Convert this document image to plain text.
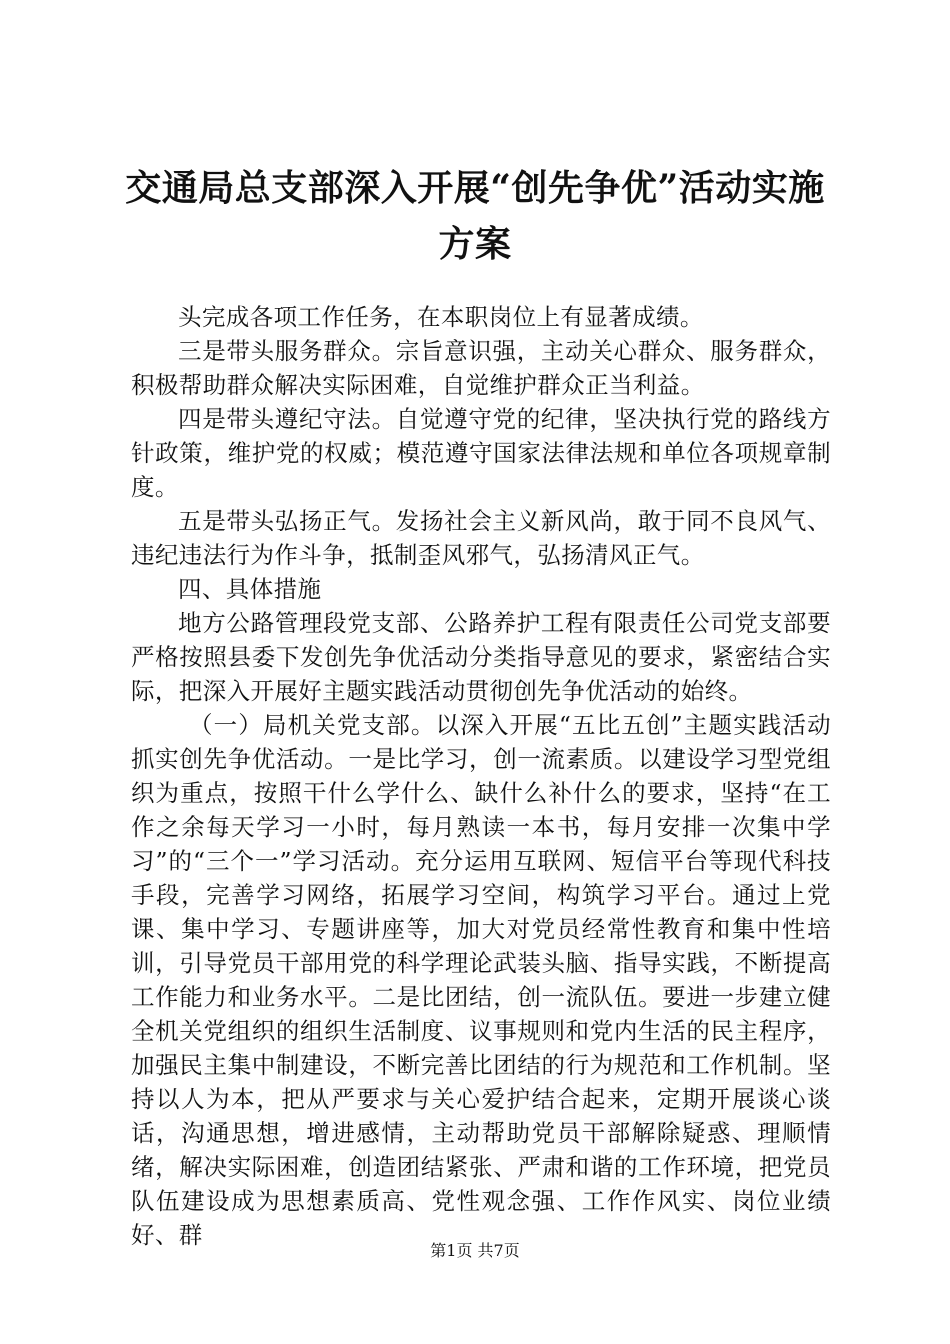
交通局总支部深入开展“创先争优”活动实施
方案

头完成各项工作任务，在本职岗位上有显著成绩。

三是带头服务群众。宗旨意识强，主动关心群众、服务群众，积极帮助群众解决实际困难，自觉维护群众正当利益。

四是带头遵纪守法。自觉遵守党的纪律，坚决执行党的路线方针政策，维护党的权威；模范遵守国家法律法规和单位各项规章制度。

五是带头弘扬正气。发扬社会主义新风尚，敢于同不良风气、违纪违法行为作斗争，抵制歪风邪气，弘扬清风正气。

四、具体措施

地方公路管理段党支部、公路养护工程有限责任公司党支部要严格按照县委下发创先争优活动分类指导意见的要求，紧密结合实际，把深入开展好主题实践活动贯彻创先争优活动的始终。

（一）局机关党支部。以深入开展“五比五创”主题实践活动抓实创先争优活动。一是比学习，创一流素质。以建设学习型党组织为重点，按照干什么学什么、缺什么补什么的要求，坚持“在工作之余每天学习一小时，每月熟读一本书，每月安排一次集中学习”的“三个一”学习活动。充分运用互联网、短信平台等现代科技手段，完善学习网络，拓展学习空间，构筑学习平台。通过上党课、集中学习、专题讲座等，加大对党员经常性教育和集中性培训，引导党员干部用党的科学理论武装头脑、指导实践，不断提高工作能力和业务水平。二是比团结，创一流队伍。要进一步建立健全机关党组织的组织生活制度、议事规则和党内生活的民主程序，加强民主集中制建设，不断完善比团结的行为规范和工作机制。坚持以人为本，把从严要求与关心爱护结合起来，定期开展谈心谈话，沟通思想，增进感情，主动帮助党员干部解除疑惑、理顺情绪，解决实际困难，创造团结紧张、严肃和谐的工作环境，把党员队伍建设成为思想素质高、党性观念强、工作作风实、岗位业绩好、群

第1页 共7页
